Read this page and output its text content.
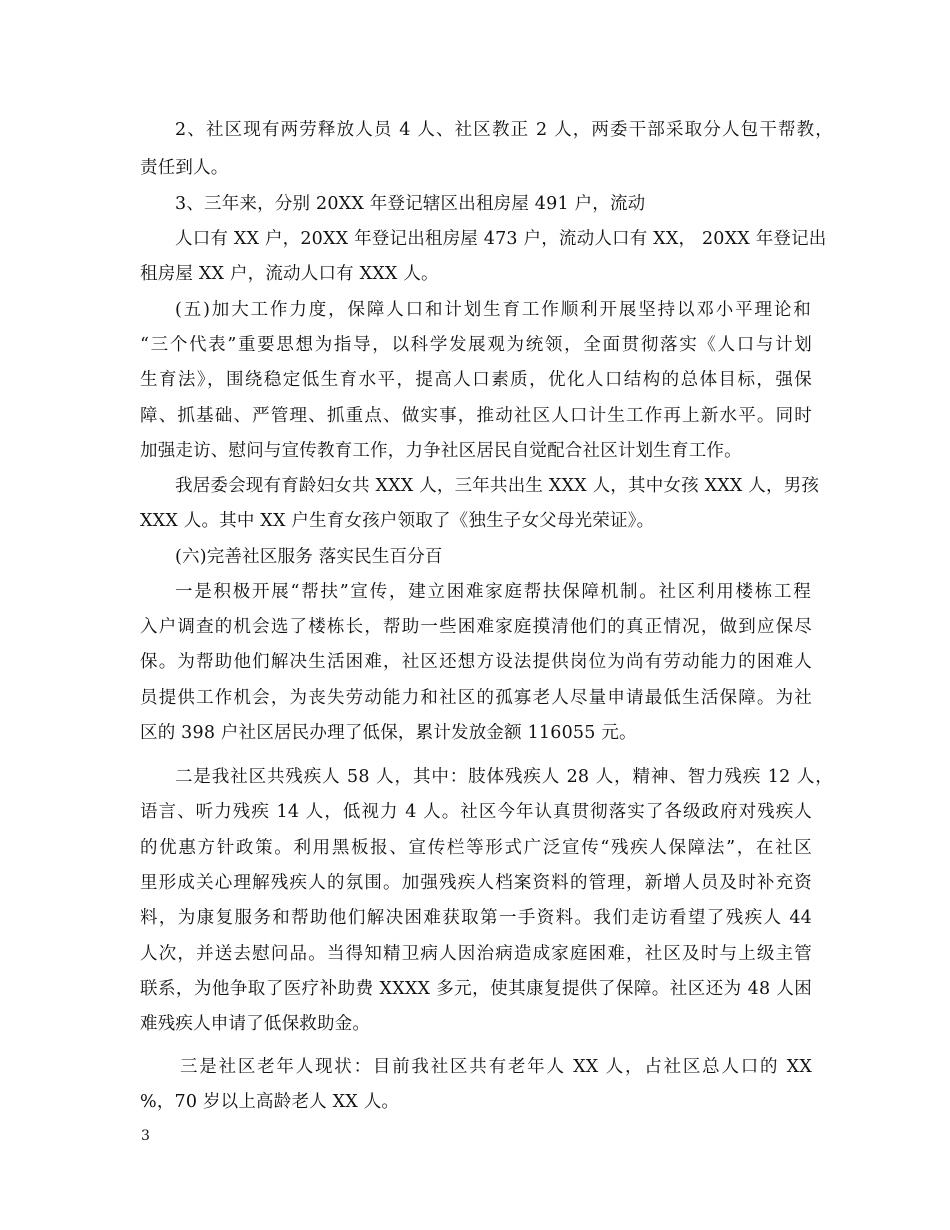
2、社区现有两劳释放人员 4 人、社区教正 2 人，两委干部采取分人包干帮教，
责任到人。
3、三年来，分别 20XX 年登记辖区出租房屋 491 户，流动
人口有 XX 户，20XX 年登记出租房屋 473 户，流动人口有 XX， 20XX 年登记出
租房屋 XX 户，流动人口有 XXX 人。
(五)加大工作力度，保障人口和计划生育工作顺利开展坚持以邓小平理论和
“三个代表”重要思想为指导，以科学发展观为统领，全面贯彻落实《人口与计划
生育法》，围绕稳定低生育水平，提高人口素质，优化人口结构的总体目标，强保
障、抓基础、严管理、抓重点、做实事，推动社区人口计生工作再上新水平。同时
加强走访、慰问与宣传教育工作，力争社区居民自觉配合社区计划生育工作。
我居委会现有育龄妇女共 XXX 人，三年共出生 XXX 人，其中女孩 XXX 人，男孩
XXX 人。其中 XX 户生育女孩户领取了《独生子女父母光荣证》。
(六)完善社区服务 落实民生百分百
一是积极开展“帮扶”宣传，建立困难家庭帮扶保障机制。社区利用楼栋工程
入户调查的机会选了楼栋长，帮助一些困难家庭摸清他们的真正情况，做到应保尽
保。为帮助他们解决生活困难，社区还想方设法提供岗位为尚有劳动能力的困难人
员提供工作机会，为丧失劳动能力和社区的孤寡老人尽量申请最低生活保障。为社
区的 398 户社区居民办理了低保，累计发放金额 116055 元。
二是我社区共残疾人 58 人，其中：肢体残疾人 28 人，精神、智力残疾 12 人，
语言、听力残疾 14 人，低视力 4 人。社区今年认真贯彻落实了各级政府对残疾人
的优惠方针政策。利用黑板报、宣传栏等形式广泛宣传“残疾人保障法”，在社区
里形成关心理解残疾人的氛围。加强残疾人档案资料的管理，新增人员及时补充资
料，为康复服务和帮助他们解决困难获取第一手资料。我们走访看望了残疾人 44
人次，并送去慰问品。当得知精卫病人因治病造成家庭困难，社区及时与上级主管
联系，为他争取了医疗补助费 XXXX 多元，使其康复提供了保障。社区还为 48 人困
难残疾人申请了低保救助金。
三是社区老年人现状：目前我社区共有老年人 XX 人，占社区总人口的 XX
%，70 岁以上高龄老人 XX 人。
3
